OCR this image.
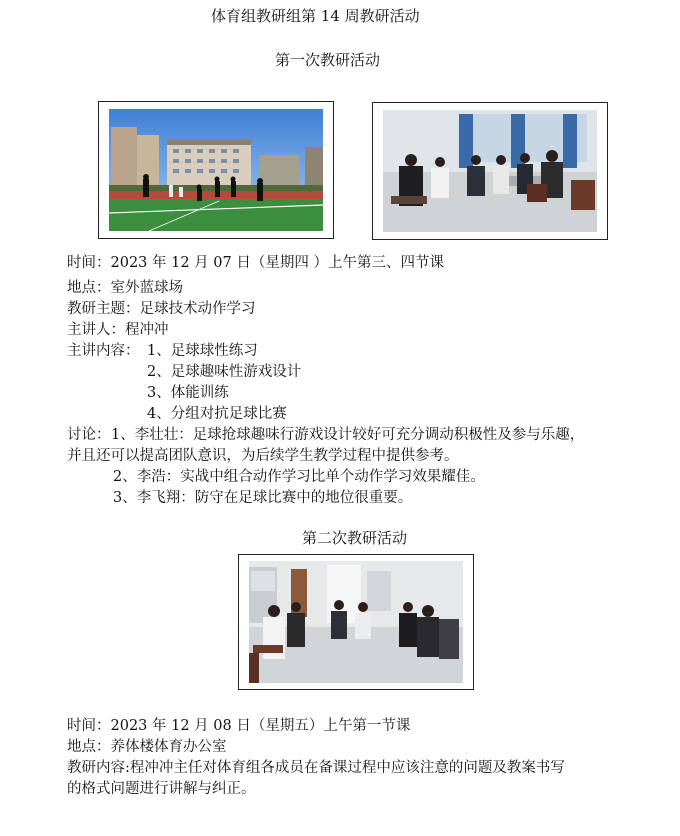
体育组教研组第 14 周教研活动
第一次教研活动
时间：2023 年 12 月 07 日（星期四 ）上午第三、四节课
地点：室外蓝球场
教研主题：足球技术动作学习
主讲人：程冲冲
主讲内容： 1、足球球性练习
2、足球趣味性游戏设计
3、体能训练
4、分组对抗足球比赛
讨论： 1、李壮壮：足球抢球趣味行游戏设计较好可充分调动积极性及参与乐趣，
并且还可以提高团队意识，为后续学生教学过程中提供参考。
2、李浩：实战中组合动作学习比单个动作学习效果耀佳。
3、李飞翔：防守在足球比赛中的地位很重要。
第二次教研活动
时间：2023 年 12 月 08 日（星期五）上午第一节课
地点：养体楼体育办公室
教研内容:程冲冲主任对体育组各成员在备课过程中应该注意的问题及教案书写
的格式问题进行讲解与纠正。
